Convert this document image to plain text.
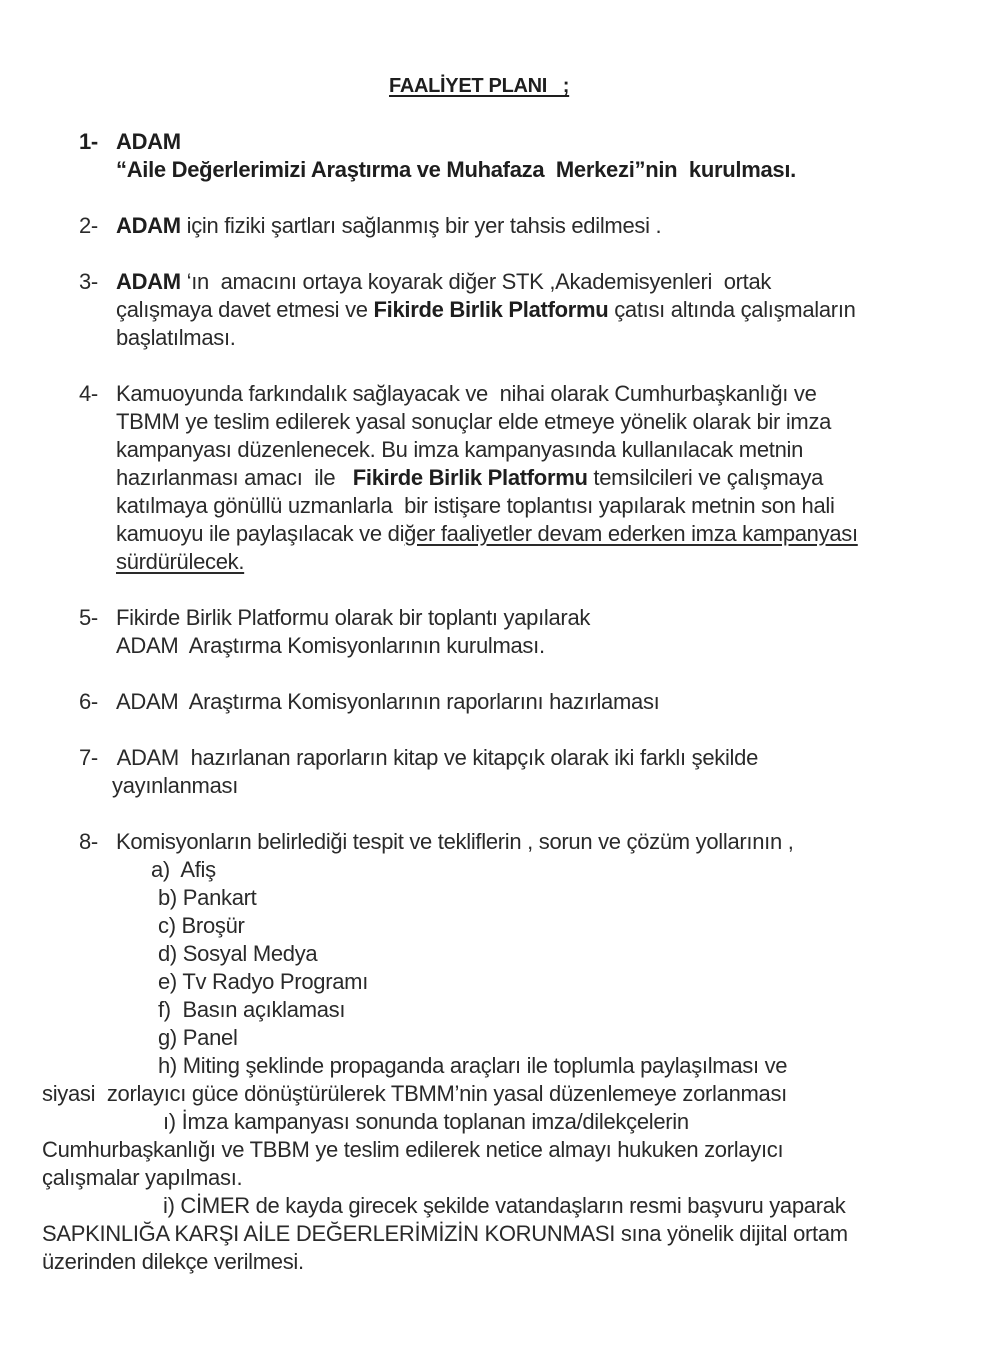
FAALİYET PLANI   ;
1- ADAM
“Aile Değerlerimizi Araştırma ve Muhafaza  Merkezi”nin  kurulması.
2- ADAM için fiziki şartları sağlanmış bir yer tahsis edilmesi .
3- ADAM ‘ın  amacını ortaya koyarak diğer STK ,Akademisyenleri  ortak
çalışmaya davet etmesi ve Fikirde Birlik Platformu çatısı altında çalışmaların
başlatılması.
4- Kamuoyunda farkındalık sağlayacak ve  nihai olarak Cumhurbaşkanlığı ve
TBMM ye teslim edilerek yasal sonuçlar elde etmeye yönelik olarak bir imza
kampanyası düzenlenecek. Bu imza kampanyasında kullanılacak metnin
hazırlanması amacı  ile   Fikirde Birlik Platformu temsilcileri ve çalışmaya
katılmaya gönüllü uzmanlarla  bir istişare toplantısı yapılarak metnin son hali
kamuoyu ile paylaşılacak ve diğer faaliyetler devam ederken imza kampanyası
sürdürülecek.
5- Fikirde Birlik Platformu olarak bir toplantı yapılarak
ADAM  Araştırma Komisyonlarının kurulması.
6- ADAM  Araştırma Komisyonlarının raporlarını hazırlaması
7- ADAM  hazırlanan raporların kitap ve kitapçık olarak iki farklı şekilde
yayınlanması
8- Komisyonların belirlediği tespit ve tekliflerin , sorun ve çözüm yollarının ,
a)  Afiş
b) Pankart
c) Broşür
d) Sosyal Medya
e) Tv Radyo Programı
f)  Basın açıklaması
g) Panel
h) Miting şeklinde propaganda araçları ile toplumla paylaşılması ve
siyasi  zorlayıcı güce dönüştürülerek TBMM’nin yasal düzenlemeye zorlanması
ı) İmza kampanyası sonunda toplanan imza/dilekçelerin
Cumhurbaşkanlığı ve TBBM ye teslim edilerek netice almayı hukuken zorlayıcı
çalışmalar yapılması.
i) CİMER de kayda girecek şekilde vatandaşların resmi başvuru yaparak
SAPKINLIĞA KARŞI AİLE DEĞERLERİMİZİN KORUNMASI sına yönelik dijital ortam
üzerinden dilekçe verilmesi.
